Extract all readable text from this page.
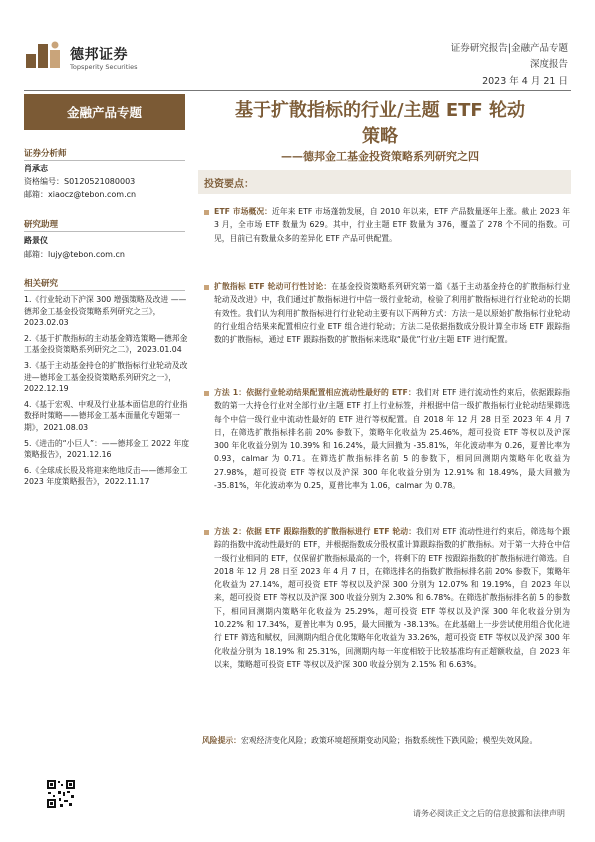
德邦证券
Topsperity Securities
证券研究报告|金融产品专题
深度报告
2023 年 4 月 21 日
金融产品专题
证券分析师
肖承志
资格编号：S0120521080003
邮箱：xiaocz@tebon.com.cn
研究助理
路景仪
邮箱：lujy@tebon.com.cn
相关研究
1.《行业轮动下沪深 300 增强策略及改进 ——德邦金工基金投资策略系列研究之三》，2023.02.03
2.《基于扩散指标的主动基金筛选策略—德邦金工基金投资策略系列研究之二》，2023.01.04
3.《基于主动基金持仓的扩散指标行业轮动及改进—德邦金工基金投资策略系列研究之一》，2022.12.19
4.《基于宏观、中观及行业基本面信息的行业指数择时策略——德邦金工基本面量化专题第一期》，2021.08.03
5.《进击的“小巨人”：——德邦金工 2022 年度策略报告》，2021.12.16
6.《全球成长股及将迎来绝地反击——德邦金工 2023 年度策略报告》，2022.11.17
基于扩散指标的行业/主题 ETF 轮动
策略
——德邦金工基金投资策略系列研究之四
投资要点：
ETF 市场概况：近年来 ETF 市场蓬勃发展，自 2010 年以来，ETF 产品数量逐年上涨。截止 2023 年 3 月，全市场 ETF 数量为 629。其中，行业主题 ETF 数量为 376，覆盖了 278 个不同的指数。可见，目前已有数量众多的差异化 ETF 产品可供配置。
扩散指标 ETF 轮动可行性讨论：在基金投资策略系列研究第一篇《基于主动基金持仓的扩散指标行业轮动及改进》中，我们通过扩散指标进行中信一级行业轮动，检验了利用扩散指标进行行业轮动的长期有效性。我们认为利用扩散指标进行行业轮动主要有以下两种方式：方法一是以原始扩散指标行业轮动的行业组合结果来配置相应行业 ETF 组合进行轮动；方法二是依据指数成分股计算全市场 ETF 跟踪指数的扩散指标，通过 ETF 跟踪指数的扩散指标来选取“最优”行业/主题 ETF 进行配置。
方法 1：依据行业轮动结果配置相应流动性最好的 ETF：我们对 ETF 进行流动性约束后，依据跟踪指数的第一大持仓行业对全部行业/主题 ETF 打上行业标签，并根据中信一级扩散指标行业轮动结果筛选每个中信一级行业中流动性最好的 ETF 进行等权配置。自 2018 年 12 月 28 日至 2023 年 4 月 7 日，在筛选扩散指标排名前 20% 参数下，策略年化收益为 25.46%，超可投资 ETF 等权以及沪深 300 年化收益分别为 10.39% 和 16.24%，最大回撤为 -35.81%，年化波动率为 0.26，夏普比率为 0.93，calmar 为 0.71。在筛选扩散指标排名前 5 的参数下，相同回测期内策略年化收益为 27.98%，超可投资 ETF 等权以及沪深 300 年化收益分别为 12.91% 和 18.49%，最大回撤为 -35.81%，年化波动率为 0.25，夏普比率为 1.06，calmar 为 0.78。
方法 2：依据 ETF 跟踪指数的扩散指标进行 ETF 轮动：我们对 ETF 流动性进行约束后，筛选每个跟踪的指数中流动性最好的 ETF，并根据指数成分股权重计算跟踪指数的扩散指标。对于第一大持仓中信一级行业相同的 ETF，仅保留扩散指标最高的一个，将剩下的 ETF 按跟踪指数的扩散指标进行筛选。自 2018 年 12 月 28 日至 2023 年 4 月 7 日，在筛选排名的指数扩散指标排名前 20% 参数下，策略年化收益为 27.14%，超可投资 ETF 等权以及沪深 300 分别为 12.07% 和 19.19%，自 2023 年以来，超可投资 ETF 等权以及沪深 300 收益分别为 2.30% 和 6.78%。在筛选扩散指标排名前 5 的参数下，相同回测期内策略年化收益为 25.29%，超可投资 ETF 等权以及沪深 300 年化收益分别为 10.22% 和 17.34%，夏普比率为 0.95，最大回撤为 -38.13%。在此基础上一步尝试使用组合优化进行 ETF 筛选和赋权，回测期内组合优化策略年化收益为 33.26%，超可投资 ETF 等权以及沪深 300 年化收益分别为 18.19% 和 25.31%，回测期内每一年度相较于比较基准均有正超额收益，自 2023 年以来，策略超可投资 ETF 等权以及沪深 300 收益分别为 2.15% 和 6.63%。
风险提示：宏观经济变化风险；政策环境超预期变动风险；指数系统性下跌风险；模型失效风险。
请务必阅读正文之后的信息披露和法律声明
